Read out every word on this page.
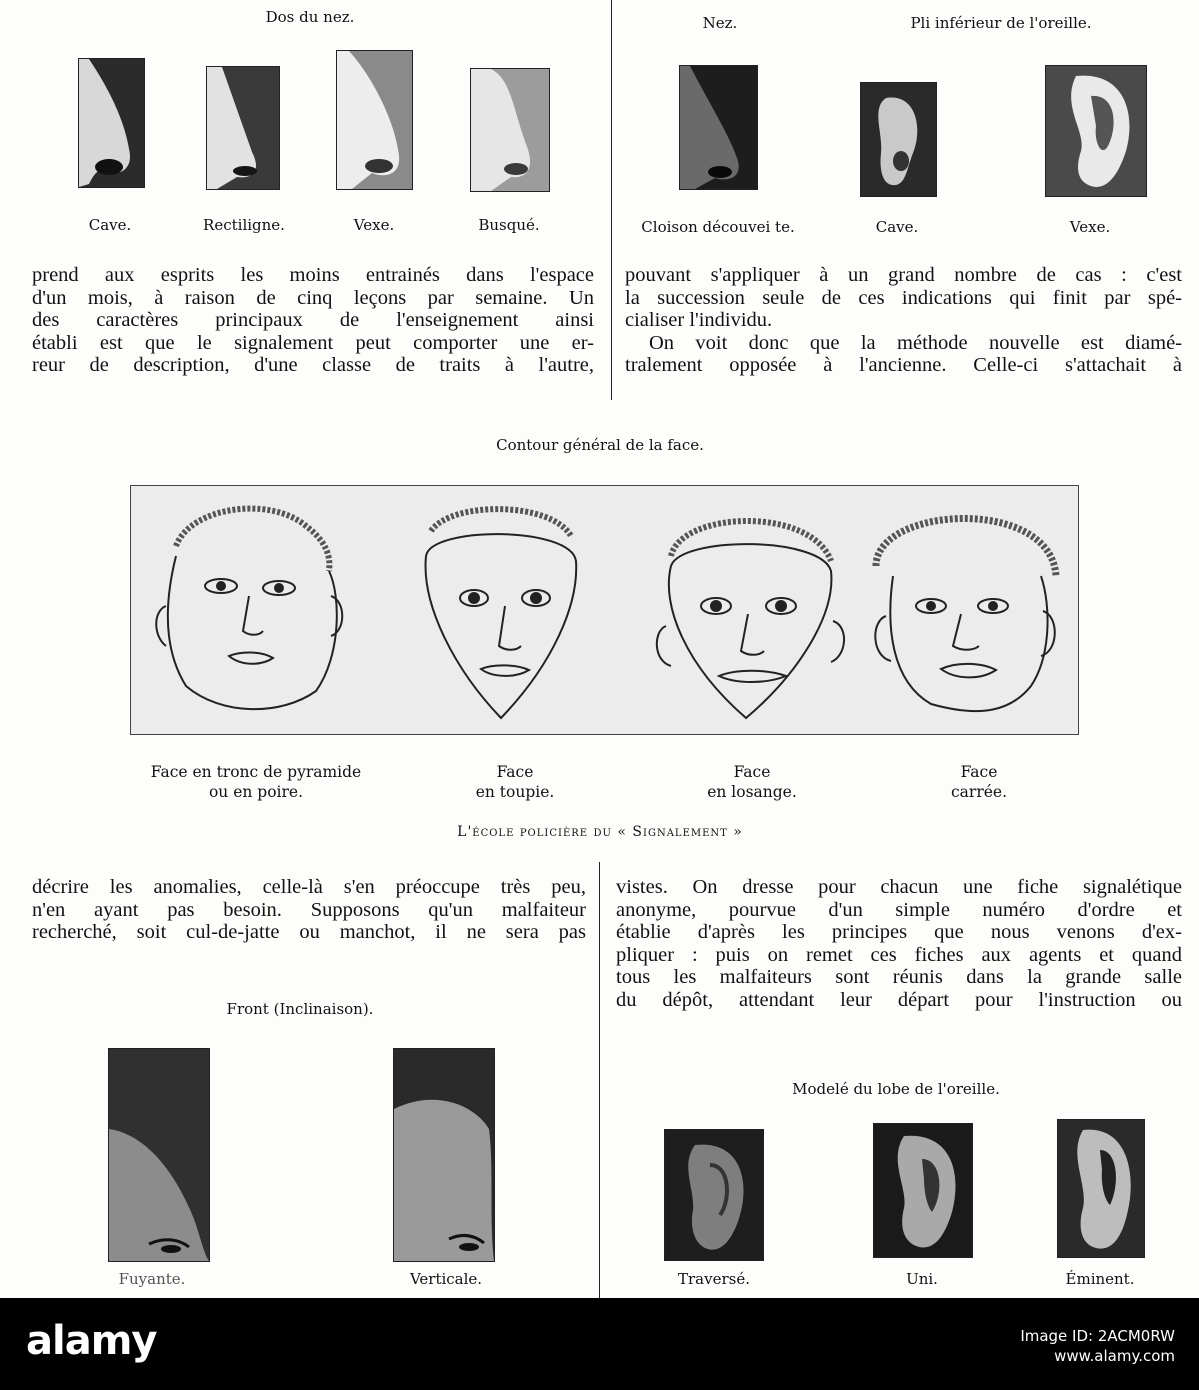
Dos du nez.
Cave.	Rectiligne.	Vexe.	Busqué.
Nez.	Pli inférieur de l'oreille.
Cloison découvei te.	Cave.	Vexe.
prend aux esprits les moins entrainés dans l'espace
d'un mois, à raison de cinq leçons par semaine. Un
des caractères principaux de l'enseignement ainsi
établi est que le signalement peut comporter une er-
reur de description, d'une classe de traits à l'autre,
pouvant s'appliquer à un grand nombre de cas : c'est
la succession seule de ces indications qui finit par spé-
cialiser l'individu.
On voit donc que la méthode nouvelle est diamé-
tralement opposée à l'ancienne. Celle-ci s'attachait à
Contour général de la face.
Face en tronc de pyramide
ou en poire.
Face
en toupie.
Face
en losange.
Face
carrée.
L'école policière du « Signalement »
décrire les anomalies, celle-là s'en préoccupe très peu,
n'en ayant pas besoin. Supposons qu'un malfaiteur
recherché, soit cul-de-jatte ou manchot, il ne sera pas
vistes. On dresse pour chacun une fiche signalétique
anonyme, pourvue d'un simple numéro d'ordre et
établie d'après les principes que nous venons d'ex-
pliquer : puis on remet ces fiches aux agents et quand
tous les malfaiteurs sont réunis dans la grande salle
du dépôt, attendant leur départ pour l'instruction ou
Front (Inclinaison).
Fuyante.	Verticale.
Modelé du lobe de l'oreille.
Traversé.	Uni.	Éminent.
alamy	Image ID: 2ACM0RW
www.alamy.com
